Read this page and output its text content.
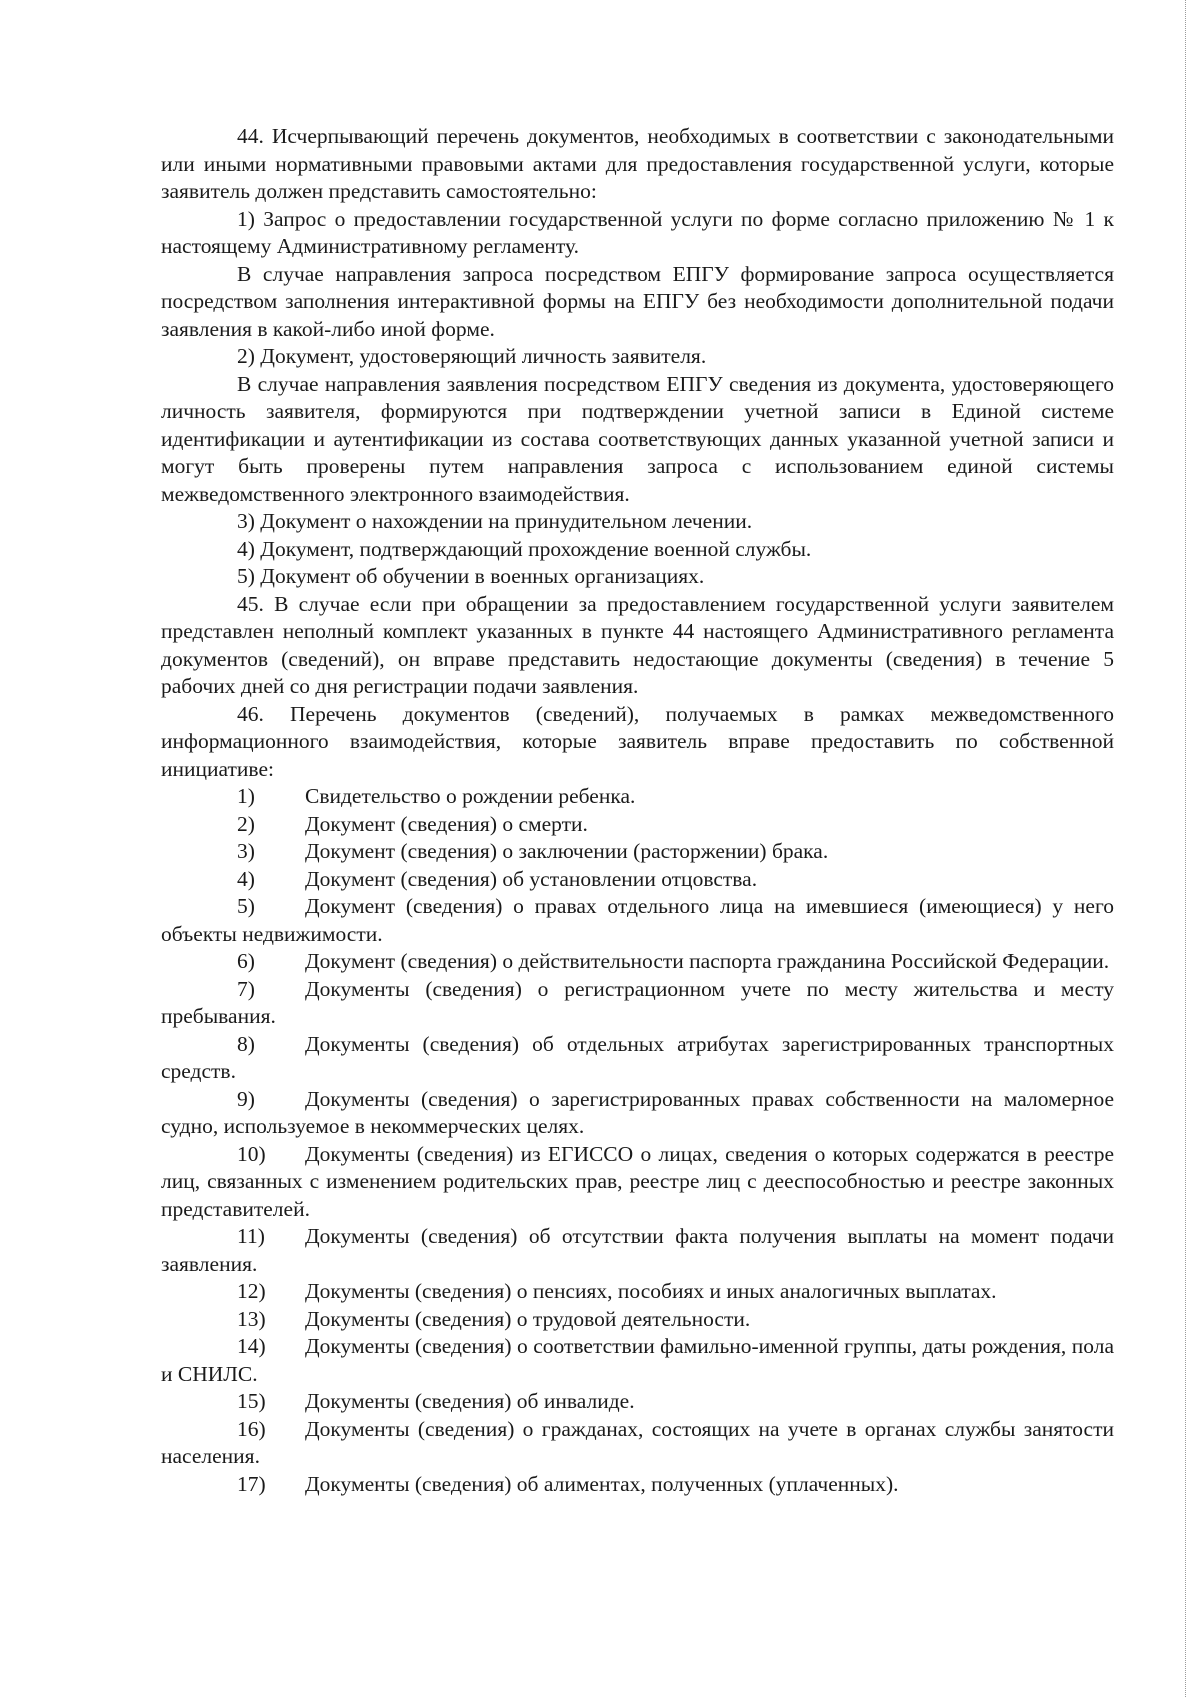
44. Исчерпывающий перечень документов, необходимых в соответствии с законодательными или иными нормативными правовыми актами для предоставления государственной услуги, которые заявитель должен представить самостоятельно:

1) Запрос о предоставлении государственной услуги по форме согласно приложению № 1 к настоящему Административному регламенту.

В случае направления запроса посредством ЕПГУ формирование запроса осуществляется посредством заполнения интерактивной формы на ЕПГУ без необходимости дополнительной подачи заявления в какой-либо иной форме.

2) Документ, удостоверяющий личность заявителя.

В случае направления заявления посредством ЕПГУ сведения из документа, удостоверяющего личность заявителя, формируются при подтверждении учетной записи в Единой системе идентификации и аутентификации из состава соответствующих данных указанной учетной записи и могут быть проверены путем направления запроса с использованием единой системы межведомственного электронного взаимодействия.

3) Документ о нахождении на принудительном лечении.

4) Документ, подтверждающий прохождение военной службы.

5) Документ об обучении в военных организациях.

45. В случае если при обращении за предоставлением государственной услуги заявителем представлен неполный комплект указанных в пункте 44 настоящего Административного регламента документов (сведений), он вправе представить недостающие документы (сведения) в течение 5 рабочих дней со дня регистрации подачи заявления.

46. Перечень документов (сведений), получаемых в рамках межведомственного информационного взаимодействия, которые заявитель вправе предоставить по собственной инициативе:

1) Свидетельство о рождении ребенка.

2) Документ (сведения) о смерти.

3) Документ (сведения) о заключении (расторжении) брака.

4) Документ (сведения) об установлении отцовства.

5) Документ (сведения) о правах отдельного лица на имевшиеся (имеющиеся) у него объекты недвижимости.

6) Документ (сведения) о действительности паспорта гражданина Российской Федерации.

7) Документы (сведения) о регистрационном учете по месту жительства и месту пребывания.

8) Документы (сведения) об отдельных атрибутах зарегистрированных транспортных средств.

9) Документы (сведения) о зарегистрированных правах собственности на маломерное судно, используемое в некоммерческих целях.

10) Документы (сведения) из ЕГИССО о лицах, сведения о которых содержатся в реестре лиц, связанных с изменением родительских прав, реестре лиц с дееспособностью и реестре законных представителей.

11) Документы (сведения) об отсутствии факта получения выплаты на момент подачи заявления.

12) Документы (сведения) о пенсиях, пособиях и иных аналогичных выплатах.

13) Документы (сведения) о трудовой деятельности.

14) Документы (сведения) о соответствии фамильно-именной группы, даты рождения, пола и СНИЛС.

15) Документы (сведения) об инвалиде.

16) Документы (сведения) о гражданах, состоящих на учете в органах службы занятости населения.

17) Документы (сведения) об алиментах, полученных (уплаченных).
